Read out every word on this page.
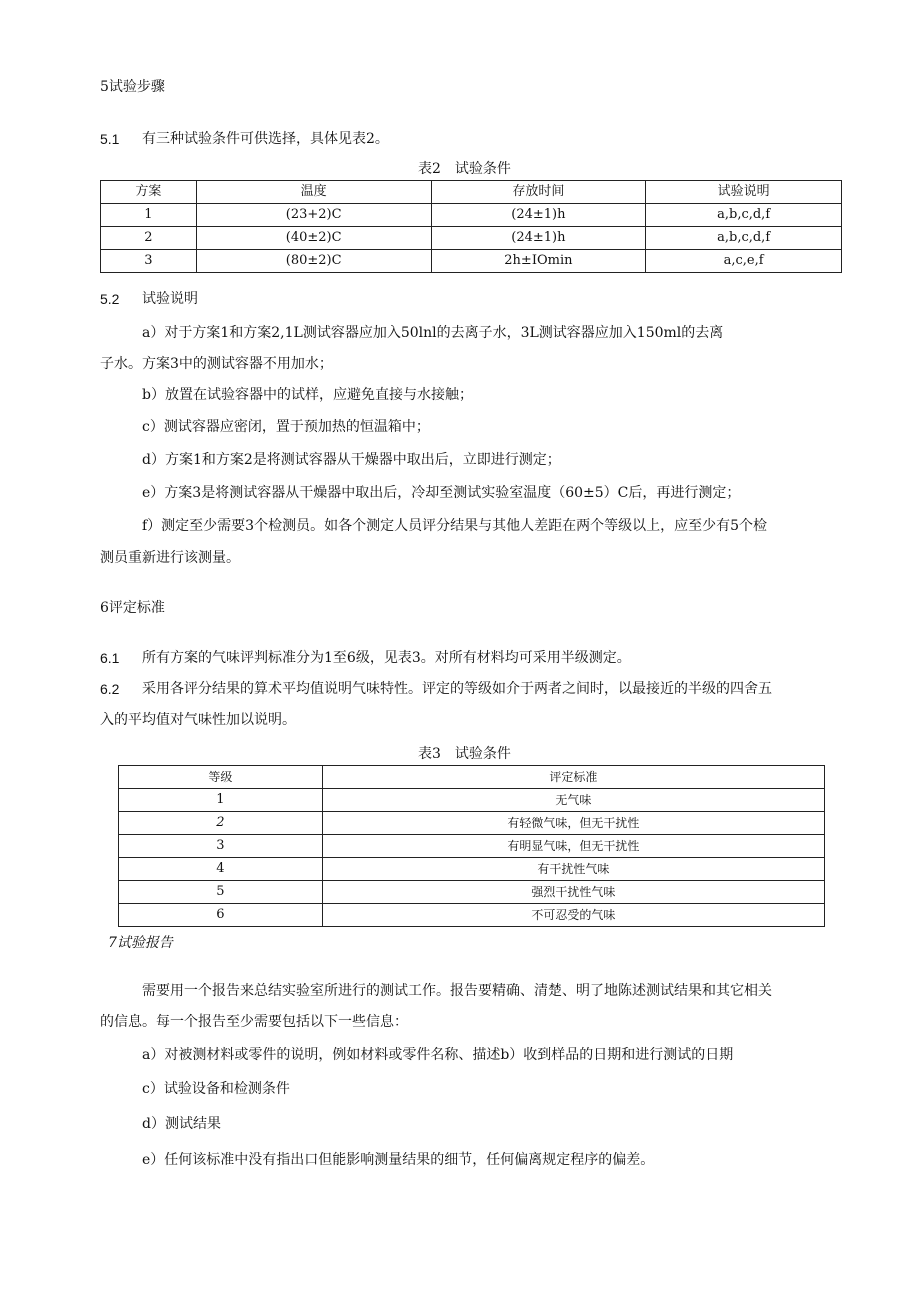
5试验步骤
5.1 有三种试验条件可供选择，具体见表2。
表2　试验条件
方案	温度	存放时间	试验说明
1	(23+2)C	(24±1)h	a,b,c,d,f
2	(40±2)C	(24±1)h	a,b,c,d,f
3	(80±2)C	2h±IOmin	a,c,e,f
5.2 试验说明
a）对于方案1和方案2,1L测试容器应加入50lnl的去离子水，3L测试容器应加入150ml的去离
子水。方案3中的测试容器不用加水；
b）放置在试验容器中的试样，应避免直接与水接触；
c）测试容器应密闭，置于预加热的恒温箱中；
d）方案1和方案2是将测试容器从干燥器中取出后，立即进行测定；
e）方案3是将测试容器从干燥器中取出后，冷却至测试实验室温度（60±5）C后，再进行测定；
f）测定至少需要3个检测员。如各个测定人员评分结果与其他人差距在两个等级以上，应至少有5个检
测员重新进行该测量。
6评定标准
6.1 所有方案的气味评判标准分为1至6级，见表3。对所有材料均可采用半级测定。
6.2 采用各评分结果的算术平均值说明气味特性。评定的等级如介于两者之间时，以最接近的半级的四舍五
入的平均值对气味性加以说明。
表3　试验条件
等级	评定标准
1	无气味
2	有轻微气味，但无干扰性
3	有明显气味，但无干扰性
4	有干扰性气味
5	强烈干扰性气味
6	不可忍受的气味
7试验报告
需要用一个报告来总结实验室所进行的测试工作。报告要精确、清楚、明了地陈述测试结果和其它相关
的信息。每一个报告至少需要包括以下一些信息：
a）对被测材料或零件的说明，例如材料或零件名称、描述b）收到样品的日期和进行测试的日期
c）试验设备和检测条件
d）测试结果
e）任何该标准中没有指出口但能影响测量结果的细节，任何偏离规定程序的偏差。
